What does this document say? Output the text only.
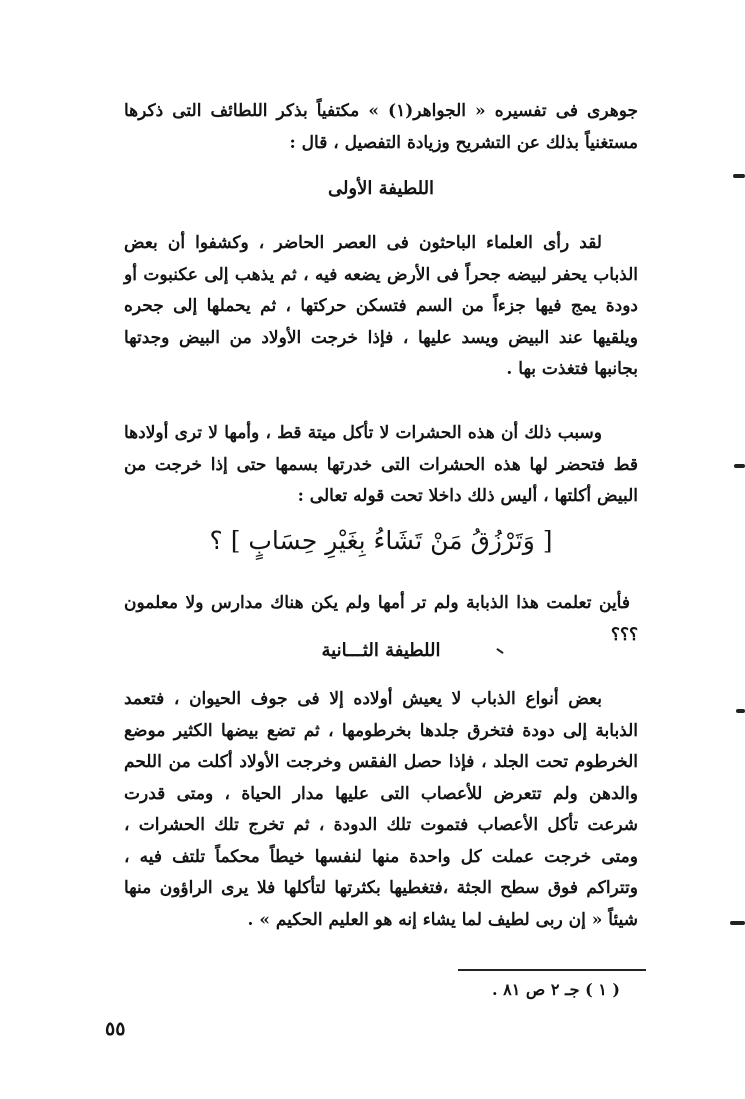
جوهرى فى تفسيره « الجواهر(١) » مكتفياً بذكر اللطائف التى ذكرها مستغنياً بذلك عن التشريح وزيادة التفصيل ، قال :
اللطيفة الأولى
لقد رأى العلماء الباحثون فى العصر الحاضر ، وكشفوا أن بعض الذباب يحفر لبيضه جحراً فى الأرض يضعه فيه ، ثم يذهب إلى عكنبوت أو دودة يمج فيها جزءاً من السم فتسكن حركتها ، ثم يحملها إلى جحره ويلقيها عند البيض ويسد عليها ، فإذا خرجت الأولاد من البيض وجدتها بجانبها فتغذت بها .
وسبب ذلك أن هذه الحشرات لا تأكل ميتة قط ، وأمها لا ترى أولادها قط فتحضر لها هذه الحشرات التى خدرتها بسمها حتى إذا خرجت من البيض أكلتها ، أليس ذلك داخلا تحت قوله تعالى :
[ وَتَرْزُقُ مَنْ تَشَاءُ بِغَيْرِ حِسَابٍ ] ؟
فأين تعلمت هذا الذبابة ولم تر أمها ولم يكن هناك مدارس ولا معلمون ؟؟؟
اللطيفة الثـــانية
بعض أنواع الذباب لا يعيش أولاده إلا فى جوف الحيوان ، فتعمد الذبابة إلى دودة فتخرق جلدها بخرطومها ، ثم تضع بيضها الكثير موضع الخرطوم تحت الجلد ، فإذا حصل الفقس وخرجت الأولاد أكلت من اللحم والدهن ولم تتعرض للأعصاب التى عليها مدار الحياة ، ومتى قدرت شرعت تأكل الأعصاب فتموت تلك الدودة ، ثم تخرج تلك الحشرات ، ومتى خرجت عملت كل واحدة منها لنفسها خيطاً محكماً تلتف فيه ، وتتراكم فوق سطح الجثة ،فتغطيها بكثرتها لتأكلها فلا يرى الراؤون منها شيئاً « إن ربى لطيف لما يشاء إنه هو العليم الحكيم » .
( ١ ) جـ ٢ ص ٨١ .
٥٥
